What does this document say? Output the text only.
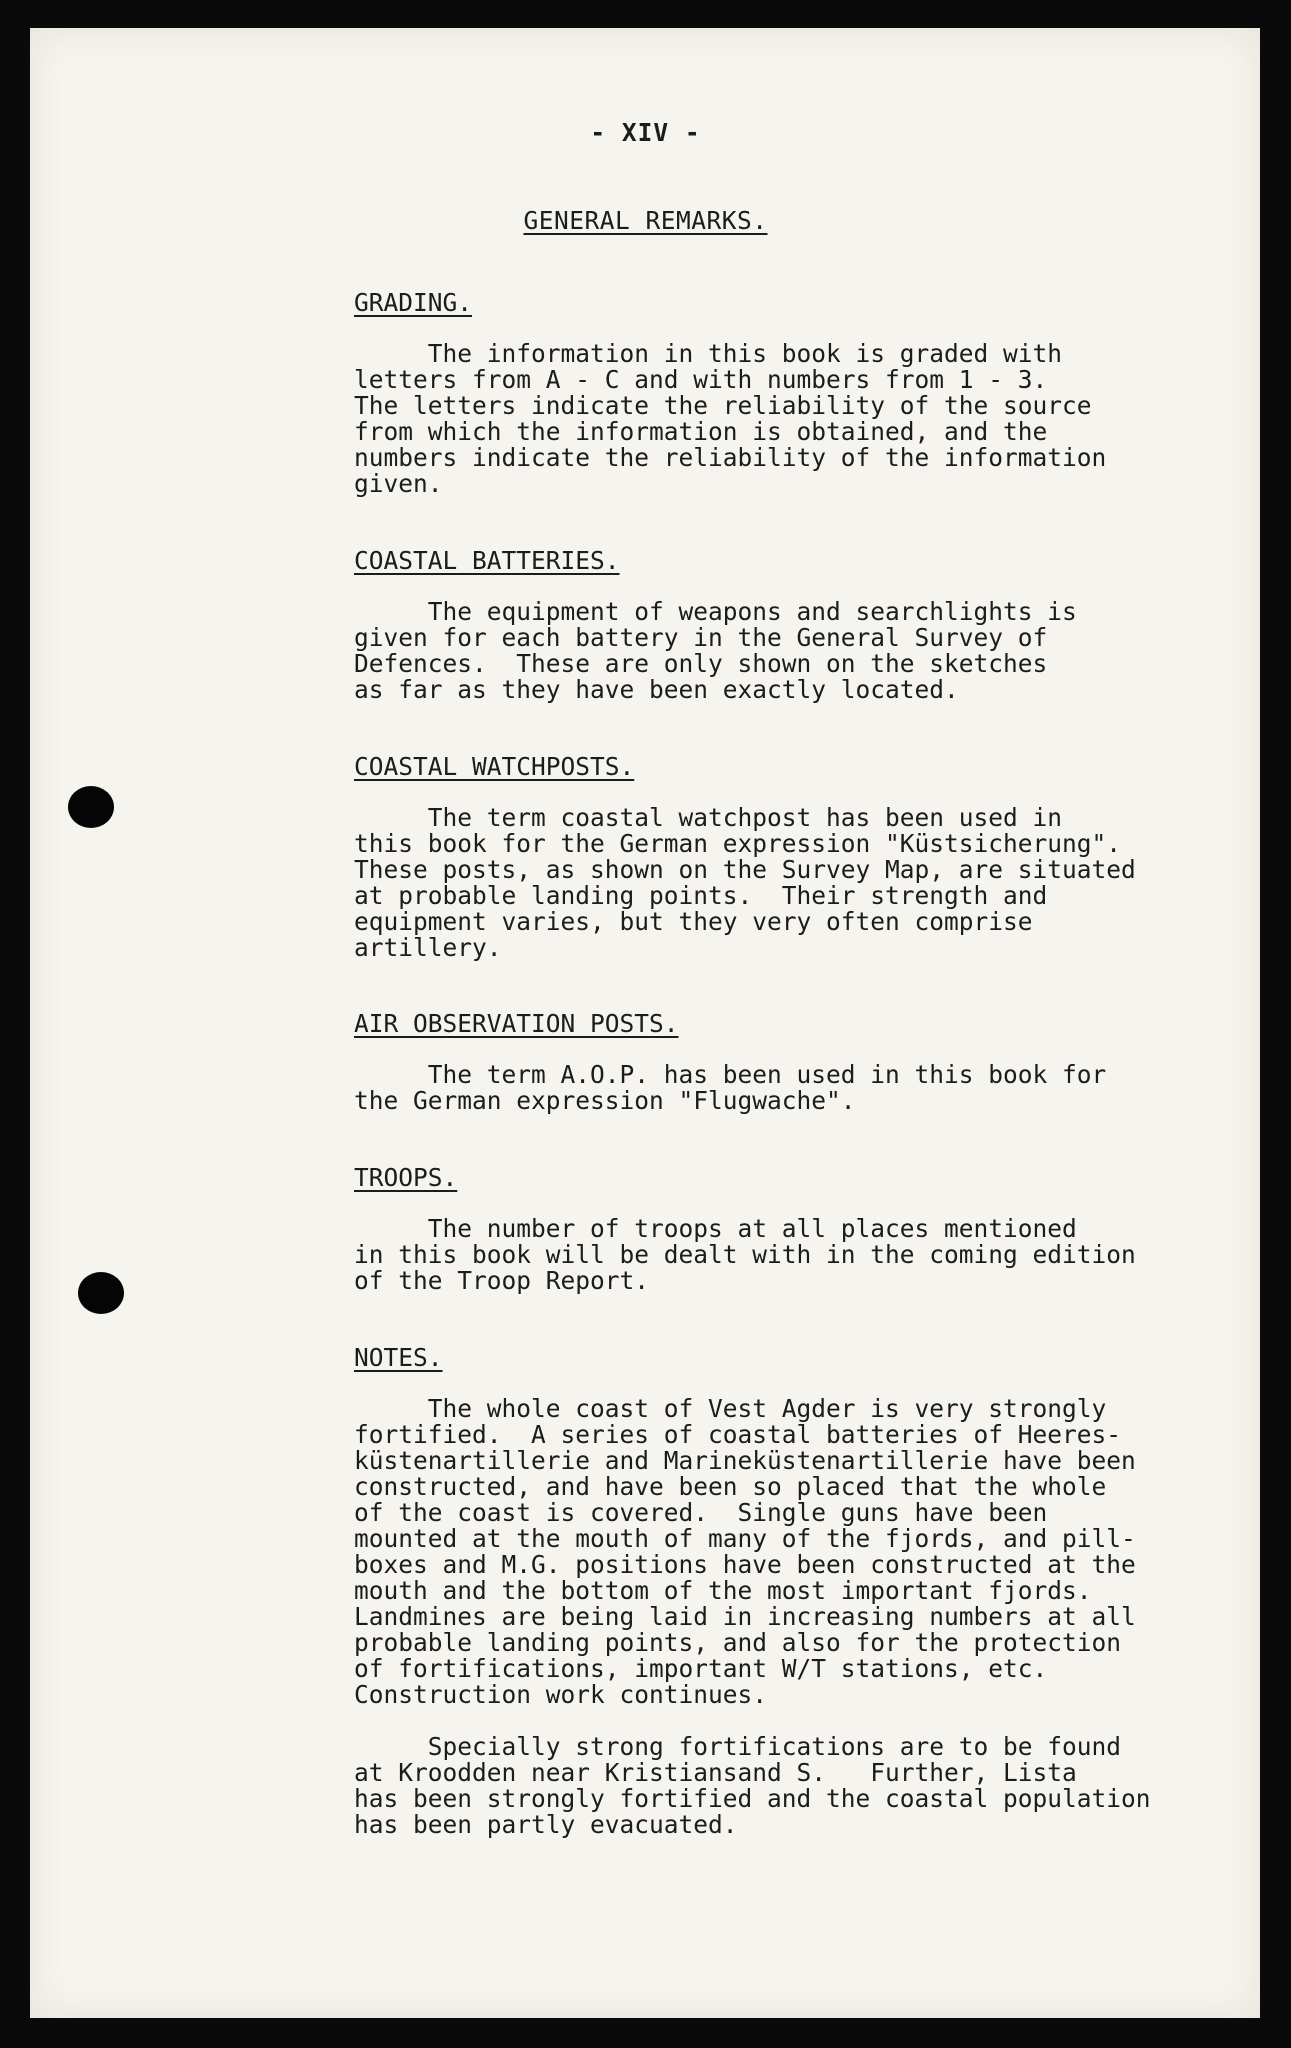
- XIV -
GENERAL REMARKS.
GRADING.
The information in this book is graded with
letters from A - C and with numbers from 1 - 3.
The letters indicate the reliability of the source
from which the information is obtained, and the
numbers indicate the reliability of the information
given.
COASTAL BATTERIES.
The equipment of weapons and searchlights is
given for each battery in the General Survey of
Defences.  These are only shown on the sketches
as far as they have been exactly located.
COASTAL WATCHPOSTS.
The term coastal watchpost has been used in
this book for the German expression "Küstsicherung".
These posts, as shown on the Survey Map, are situated
at probable landing points.  Their strength and
equipment varies, but they very often comprise
artillery.
AIR OBSERVATION POSTS.
The term A.O.P. has been used in this book for
the German expression "Flugwache".
TROOPS.
The number of troops at all places mentioned
in this book will be dealt with in the coming edition
of the Troop Report.
NOTES.
The whole coast of Vest Agder is very strongly
fortified.  A series of coastal batteries of Heeres-
küstenartillerie and Marineküstenartillerie have been
constructed, and have been so placed that the whole
of the coast is covered.  Single guns have been
mounted at the mouth of many of the fjords, and pill-
boxes and M.G. positions have been constructed at the
mouth and the bottom of the most important fjords.
Landmines are being laid in increasing numbers at all
probable landing points, and also for the protection
of fortifications, important W/T stations, etc.
Construction work continues.

Specially strong fortifications are to be found
at Kroodden near Kristiansand S.   Further, Lista
has been strongly fortified and the coastal population
has been partly evacuated.
